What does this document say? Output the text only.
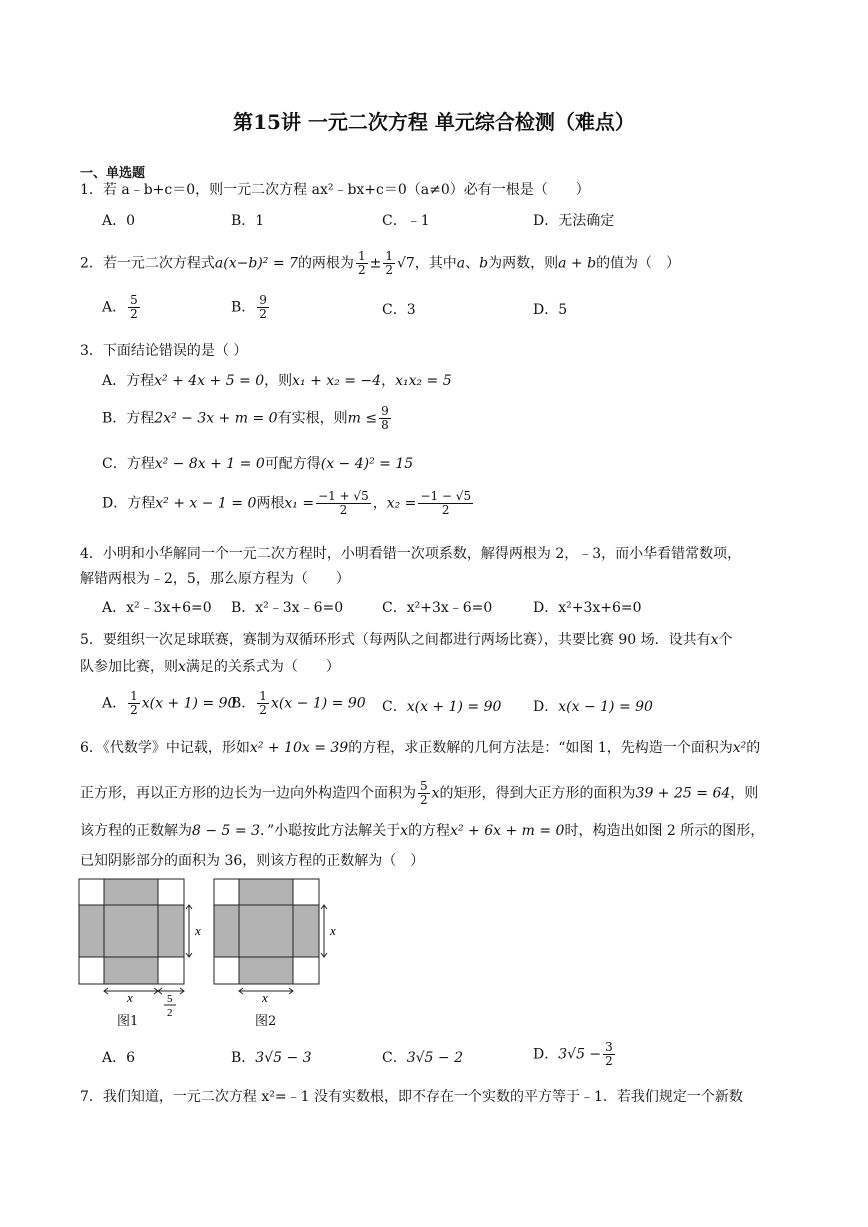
第15讲 一元二次方程 单元综合检测（难点）
一、单选题
1．若 a﹣b+c＝0，则一元二次方程 ax²﹣bx+c＝0（a≠0）必有一根是（　　）
A．0	B．1	C．﹣1	D．无法确定
2．若一元二次方程式a(x−b)² = 7的两根为 $\frac{1}{2} \pm \frac{1}{2} √7$，其中a、b为两数，则a + b的值为（　）
A． $\frac{5}{2}$	B． $\frac{9}{2}$	C．3	D．5
3．下面结论错误的是（ ）
A．方程x² + 4x + 5 = 0，则x₁ + x₂ = −4，x₁x₂ = 5
B．方程2x² − 3x + m = 0有实根，则$m \le \frac{9}{8}$
C．方程x² − 8x + 1 = 0可配方得(x − 4)² = 15
D．方程x² + x − 1 = 0两根$x_1 = \frac{-1 + √5}{2}$ ，$x_2 = \frac{-1 - √5}{2}$
4．小明和小华解同一个一元二次方程时，小明看错一次项系数，解得两根为 2，﹣3，而小华看错常数项，
解错两根为﹣2，5，那么原方程为（　　）
A．x²﹣3x+6=0 B．x²﹣3x﹣6=0	C．x²+3x﹣6=0	D．x²+3x+6=0
5．要组织一次足球联赛，赛制为双循环形式（每两队之间都进行两场比赛），共要比赛 90 场．设共有x个
队参加比赛，则x满足的关系式为（　　）
A． $\frac{1}{2} x(x + 1) = 90$
B． $\frac{1}{2} x(x - 1) = 90$ C．x(x + 1) = 90 D．x(x − 1) = 90
6．《代数学》中记载，形如x² + 10x = 39的方程，求正数解的几何方法是：“如图 1，先构造一个面积为x²的
正方形，再以正方形的边长为一边向外构造四个面积为 $\frac{5}{2}$ x的矩形，得到大正方形的面积为39 + 25 = 64，则
该方程的正数解为8 − 5 = 3．”小聪按此方法解关于x的方程x² + 6x + m = 0时，构造出如图 2 所示的图形，
已知阴影部分的面积为 36，则该方程的正数解为（　）
x
x	5
2
图1
x
x
图2
A．6	B．3√5 − 3	C．3√5 − 2	D．$3√5 - \frac{3}{2}$
7．我们知道，一元二次方程 x²=﹣1 没有实数根，即不存在一个实数的平方等于﹣1．若我们规定一个新数
